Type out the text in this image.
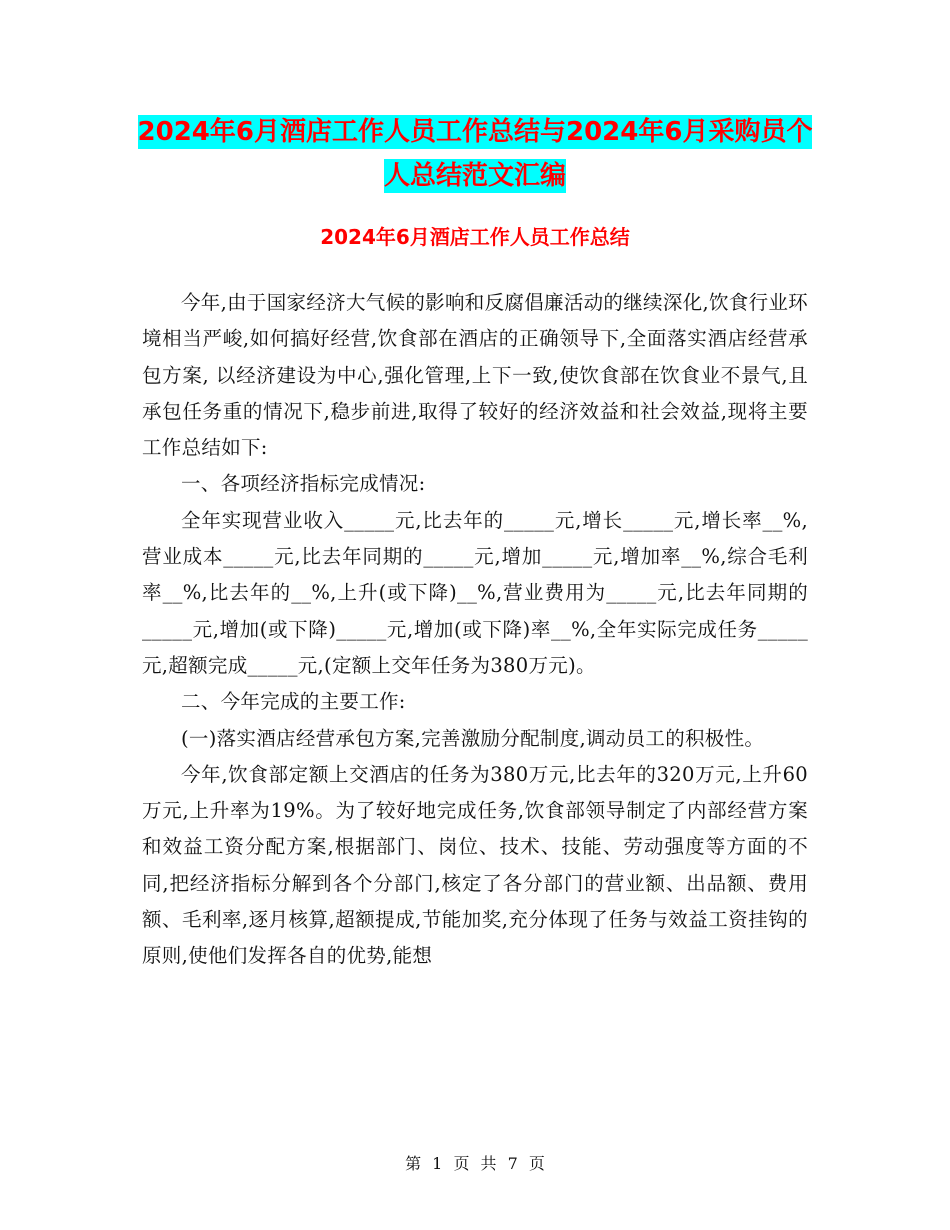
2024年6月酒店工作人员工作总结与2024年6月采购员个人总结范文汇编
2024年6月酒店工作人员工作总结

今年,由于国家经济大气候的影响和反腐倡廉活动的继续深化,饮食行业环境相当严峻,如何搞好经营,饮食部在酒店的正确领导下,全面落实酒店经营承包方案, 以经济建设为中心,强化管理,上下一致,使饮食部在饮食业不景气,且承包任务重的情况下,稳步前进,取得了较好的经济效益和社会效益,现将主要工作总结如下:

一、各项经济指标完成情况:

全年实现营业收入_____元,比去年的_____元,增长_____元,增长率__%,营业成本_____元,比去年同期的_____元,增加_____元,增加率__%,综合毛利率__%,比去年的__%,上升(或下降)__%,营业费用为_____元,比去年同期的_____元,增加(或下降)_____元,增加(或下降)率__%,全年实际完成任务_____元,超额完成_____元,(定额上交年任务为380万元)。

二、今年完成的主要工作:

(一)落实酒店经营承包方案,完善激励分配制度,调动员工的积极性。

今年,饮食部定额上交酒店的任务为380万元,比去年的320万元,上升60 万元,上升率为19%。为了较好地完成任务,饮食部领导制定了内部经营方案和效益工资分配方案,根据部门、岗位、技术、技能、劳动强度等方面的不同,把经济指标分解到各个分部门,核定了各分部门的营业额、出品额、费用额、毛利率,逐月核算,超额提成,节能加奖,充分体现了任务与效益工资挂钩的原则,使他们发挥各自的优势,能想

第 1 页 共 7 页
